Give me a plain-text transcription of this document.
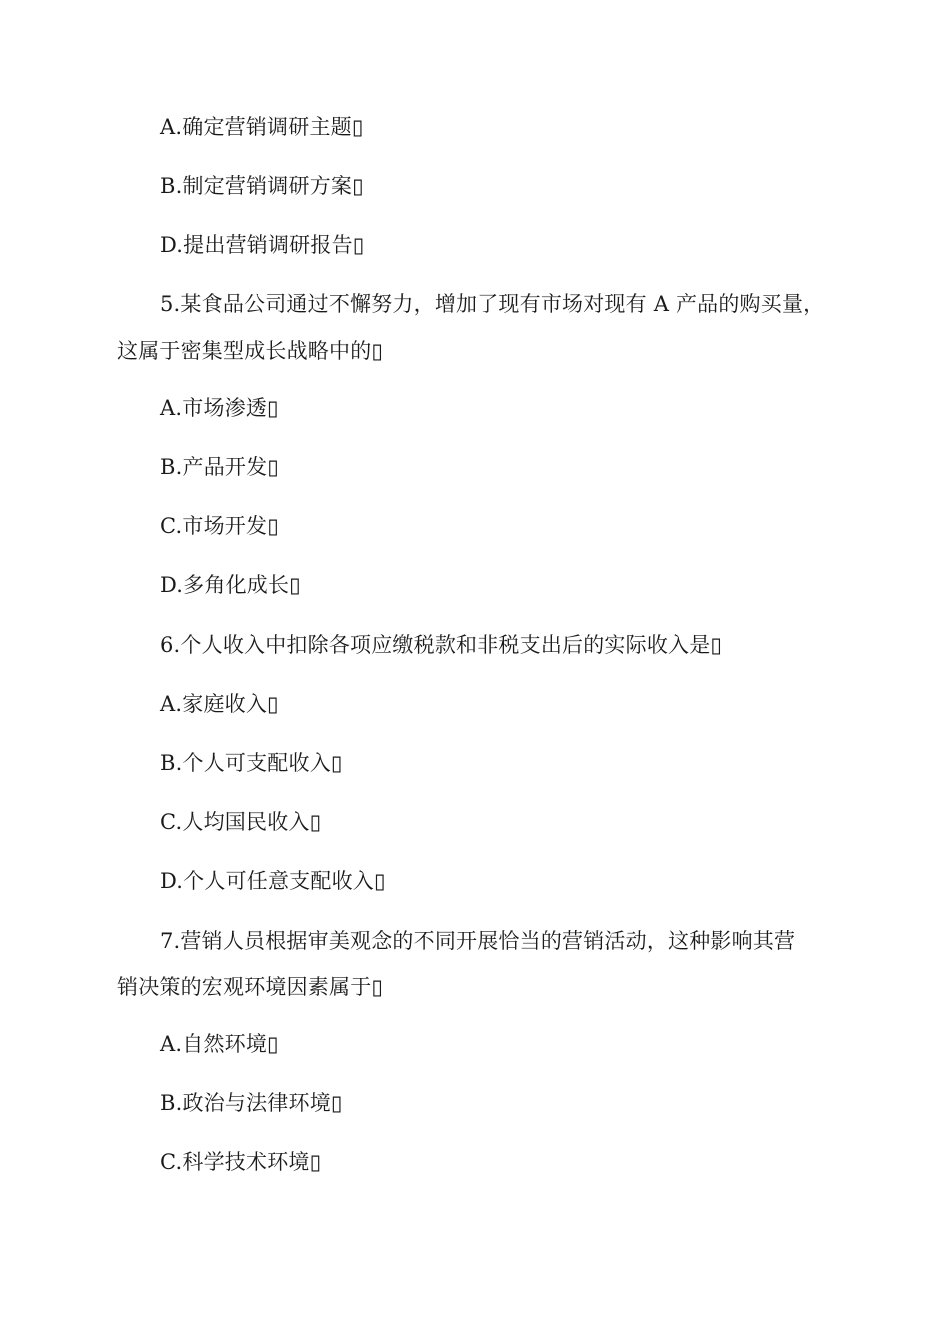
A.确定营销调研主题▯
B.制定营销调研方案▯
D.提出营销调研报告▯
5.某食品公司通过不懈努力，增加了现有市场对现有 A 产品的购买量，
这属于密集型成长战略中的▯
A.市场渗透▯
B.产品开发▯
C.市场开发▯
D.多角化成长▯
6.个人收入中扣除各项应缴税款和非税支出后的实际收入是▯
A.家庭收入▯
B.个人可支配收入▯
C.人均国民收入▯
D.个人可任意支配收入▯
7.营销人员根据审美观念的不同开展恰当的营销活动，这种影响其营
销决策的宏观环境因素属于▯
A.自然环境▯
B.政治与法律环境▯
C.科学技术环境▯
